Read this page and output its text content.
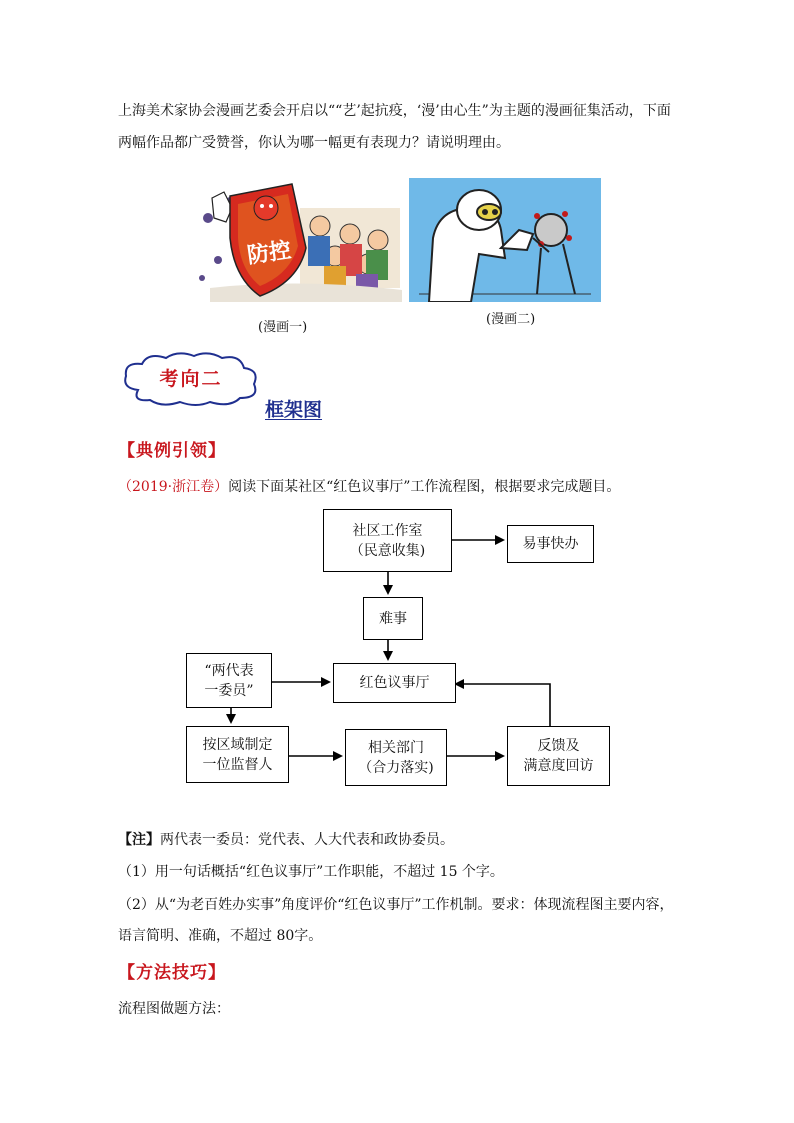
上海美术家协会漫画艺委会开启以““艺’起抗疫，‘漫’由心生”为主题的漫画征集活动，下面
两幅作品都广受赞誉，你认为哪一幅更有表现力？请说明理由。
防控
(漫画一)
(漫画二)
考向二
框架图
【典例引领】
（2019·浙江卷）阅读下面某社区“红色议事厅”工作流程图，根据要求完成题目。
社区工作室
（民意收集)	易事快办
难事
“两代表
一委员”	红色议事厅
按区域制定
一位监督人
相关部门
（合力落实)
反馈及
满意度回访
【注】两代表一委员：党代表、人大代表和政协委员。
（1）用一句话概括“红色议事厅”工作职能，不超过 15 个字。
（2）从“为老百姓办实事”角度评价“红色议事厅”工作机制。要求：体现流程图主要内容，
语言简明、准确，不超过 80字。
【方法技巧】
流程图做题方法：
